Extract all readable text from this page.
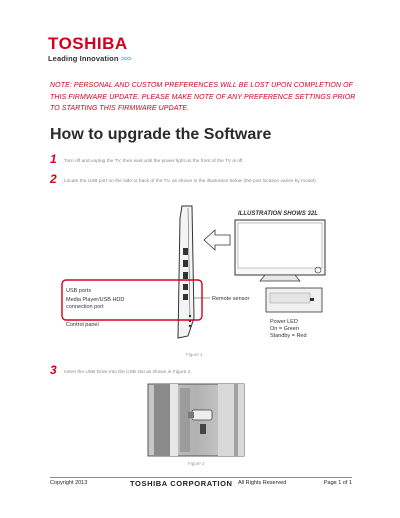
TOSHIBA
Leading Innovation >>>
NOTE: PERSONAL AND CUSTOM PREFERENCES WILL BE LOST UPON COMPLETION OF THIS FIRMWARE UPDATE. PLEASE MAKE NOTE OF ANY PREFERENCE SETTINGS PRIOR TO STARTING THIS FIRMWARE UPDATE.
How to upgrade the Software
1	Turn off and unplug the TV, then wait until the power light on the front of the TV is off.
2	Locate the USB port on the side or back of the TV, as shown in the illustration below (the port location varies by model).
ILLUSTRATION SHOWS 32L
USB ports
Media Player/USB HDD
connection port
Remote sensor
Control panel	Power LED
On = Green
Standby = Red
Figure 1
3	Insert the USB Drive into the USB slot as shown in Figure 2.
Figure 2
Copyright 2013	TOSHIBA CORPORATION All Rights Reserved	Page 1 of 1
